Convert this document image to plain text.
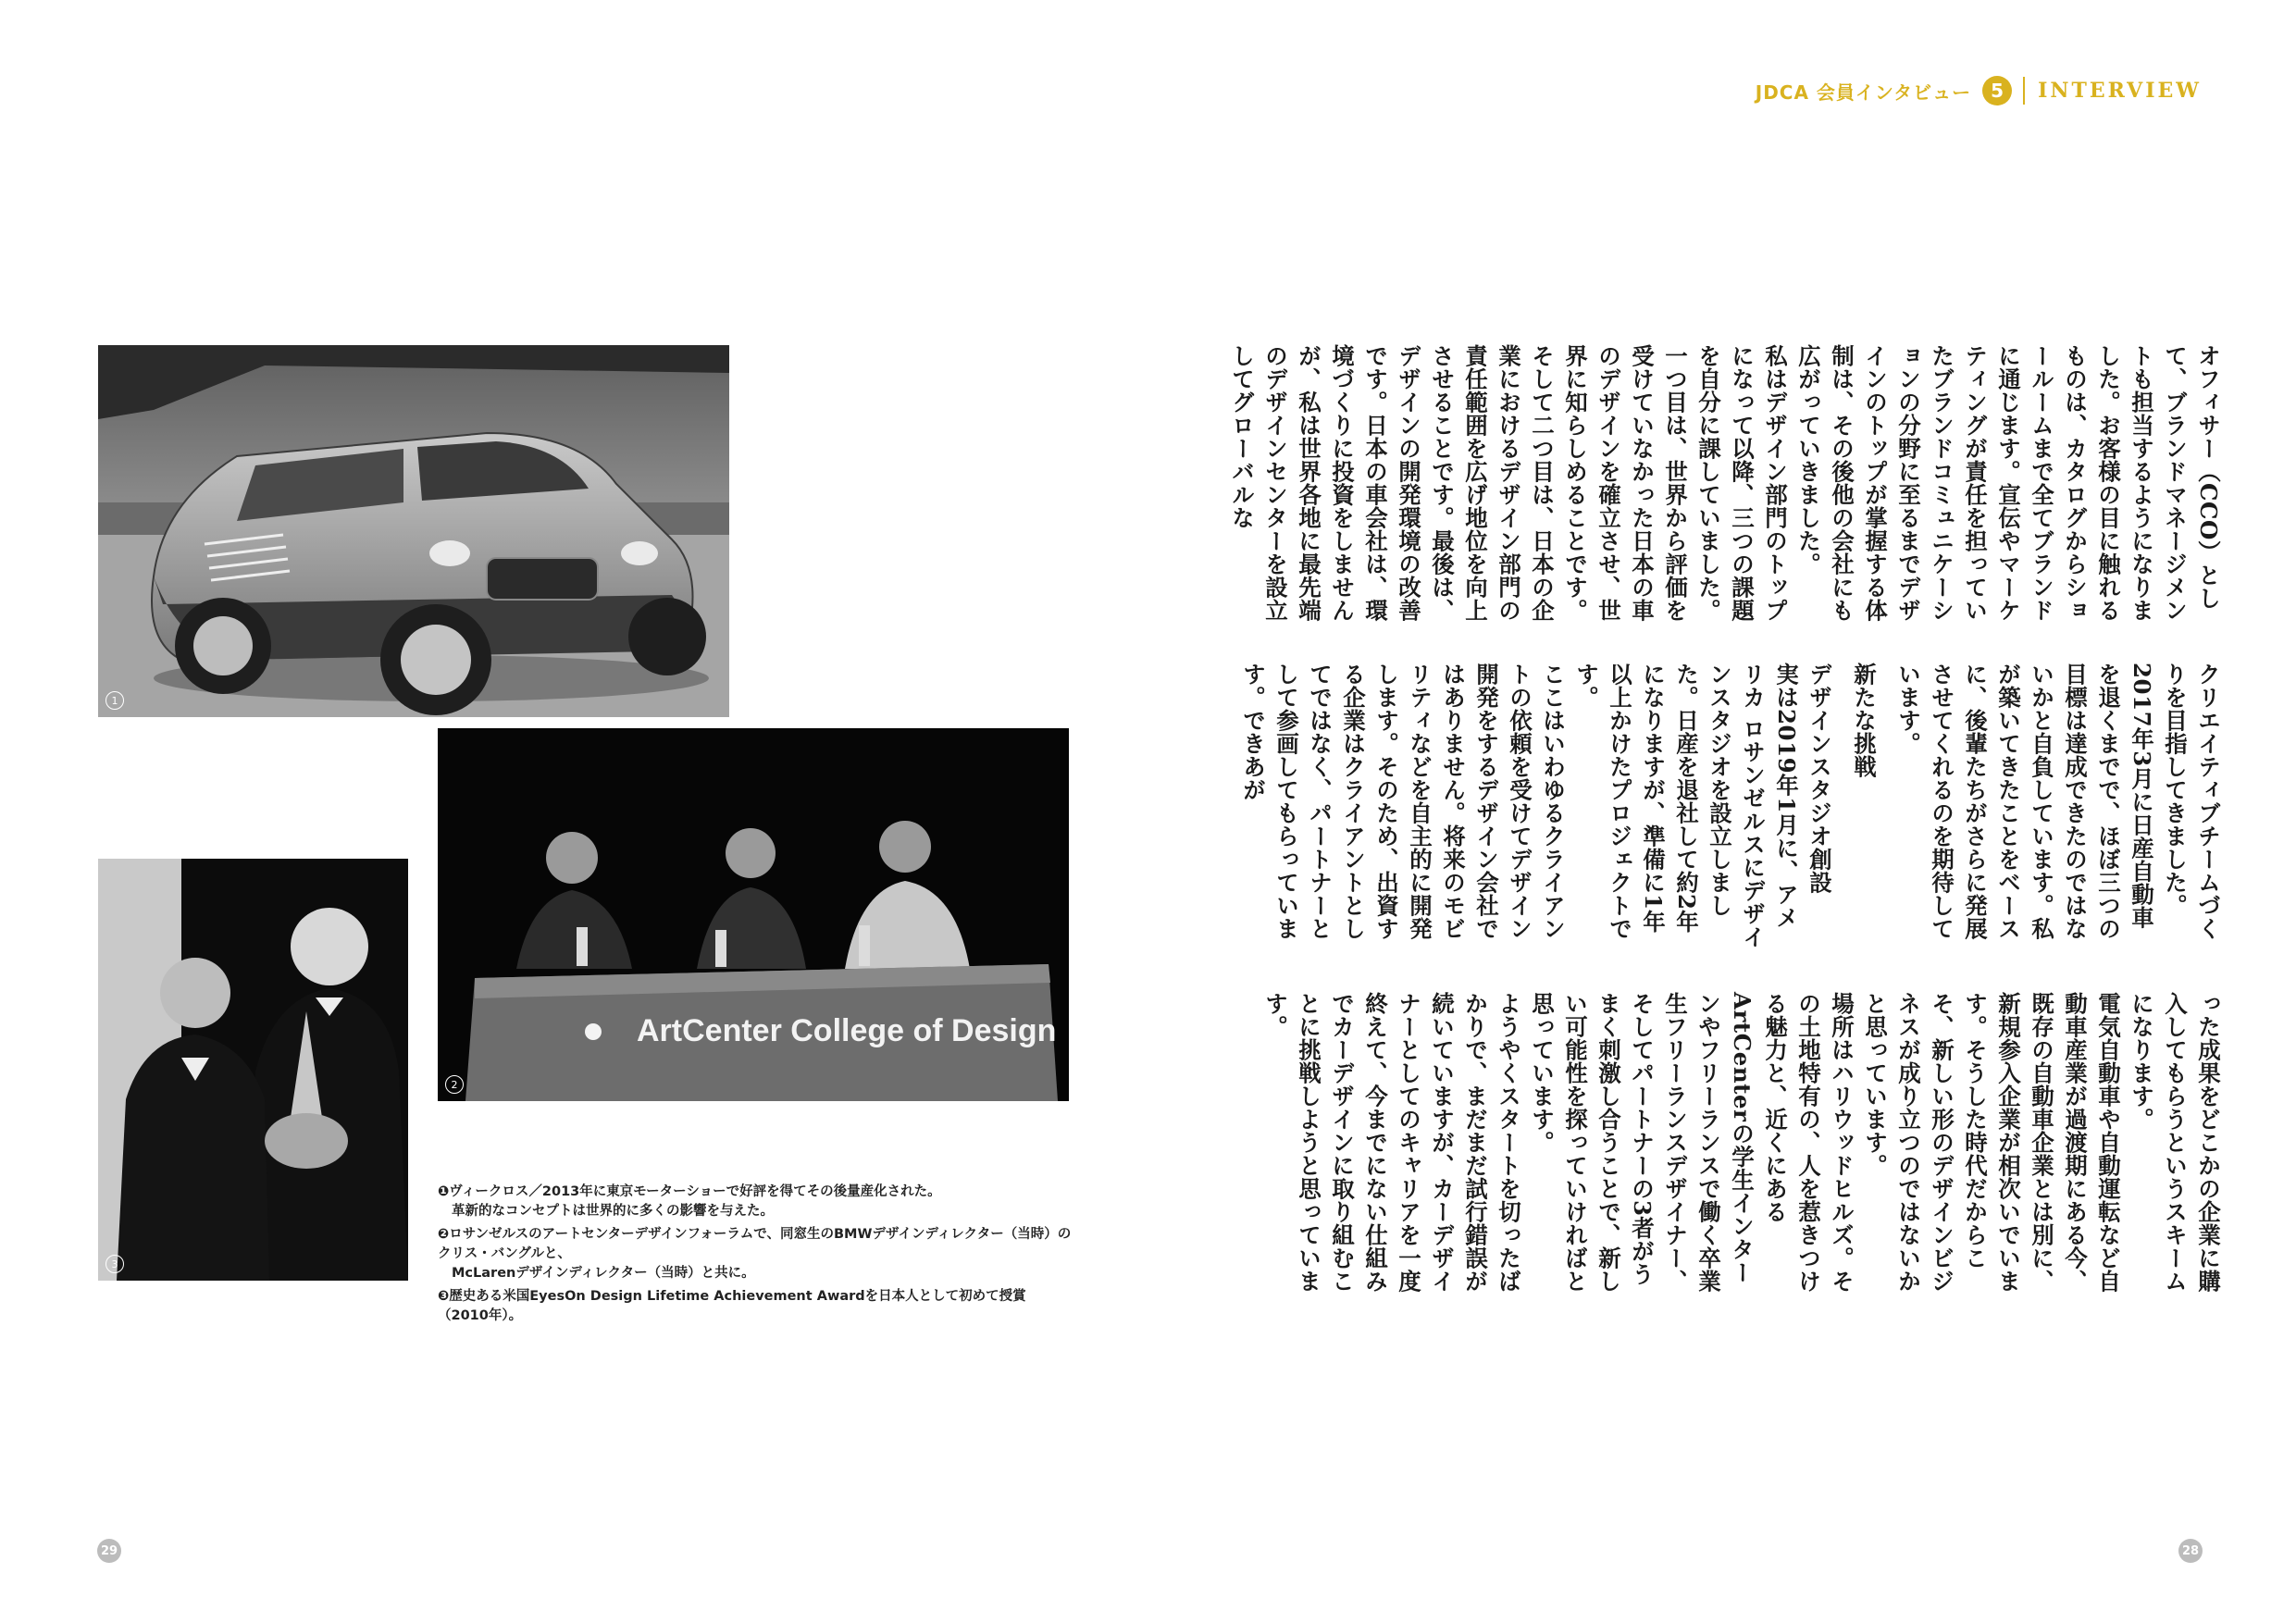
JDCA 会員インタビュー	5	INTERVIEW

オフィサー（CCO）として、ブランドマネージメントも担当するようになりました。お客様の目に触れるものは、カタログからショールームまで全てブランドに通じます。宣伝やマーケティングが責任を担っていたブランドコミュニケーションの分野に至るまでデザインのトップが掌握する体制は、その後他の会社にも広がっていきました。

私はデザイン部門のトップになって以降、三つの課題を自分に課していました。一つ目は、世界から評価を受けていなかった日本の車のデザインを確立させ、世界に知らしめることです。そして二つ目は、日本の企業におけるデザイン部門の責任範囲を広げ地位を向上させることです。最後は、デザインの開発環境の改善です。日本の車会社は、環境づくりに投資をしませんが、私は世界各地に最先端のデザインセンターを設立してグローバルな

クリエイティブチームづくりを目指してきました。2017年3月に日産自動車を退くまでで、ほぼ三つの目標は達成できたのではないかと自負しています。私が築いてきたことをベースに、後輩たちがさらに発展させてくれるのを期待しています。

新たな挑戦

デザインスタジオ創設

実は2019年1月に、アメリカ ロサンゼルスにデザインスタジオを設立しました。日産を退社して約2年になりますが、準備に1年以上かけたプロジェクトです。

ここはいわゆるクライアントの依頼を受けてデザイン開発をするデザイン会社ではありません。将来のモビリティなどを自主的に開発します。そのため、出資する企業はクライアントとしてではなく、パートナーとして参画してもらっています。できあが

った成果をどこかの企業に購入してもらうというスキームになります。

電気自動車や自動運転など自動車産業が過渡期にある今、既存の自動車企業とは別に、新規参入企業が相次いでいます。そうした時代だからこそ、新しい形のデザインビジネスが成り立つのではないかと思っています。

場所はハリウッドヒルズ。その土地特有の、人を惹きつける魅力と、近くにあるArtCenterの学生インターンやフリーランスで働く卒業生フリーランスデザイナー、そしてパートナーの3者がうまく刺激し合うことで、新しい可能性を探っていければと思っています。

ようやくスタートを切ったばかりで、まだまだ試行錯誤が続いていますが、カーデザイナーとしてのキャリアを一度終えて、今までにない仕組みでカーデザインに取り組むことに挑戦しようと思っています。

1
ArtCenter College of Design
2
3
❶ヴィークロス／2013年に東京モーターショーで好評を得てその後量産化された。
革新的なコンセプトは世界的に多くの影響を与えた。
❷ロサンゼルスのアートセンターデザインフォーラムで、同窓生のBMWデザインディレクター（当時）のクリス・バングルと、
McLarenデザインディレクター（当時）と共に。
❸歴史ある米国EyesOn Design Lifetime Achievement Awardを日本人として初めて授賞（2010年）。
29	28
